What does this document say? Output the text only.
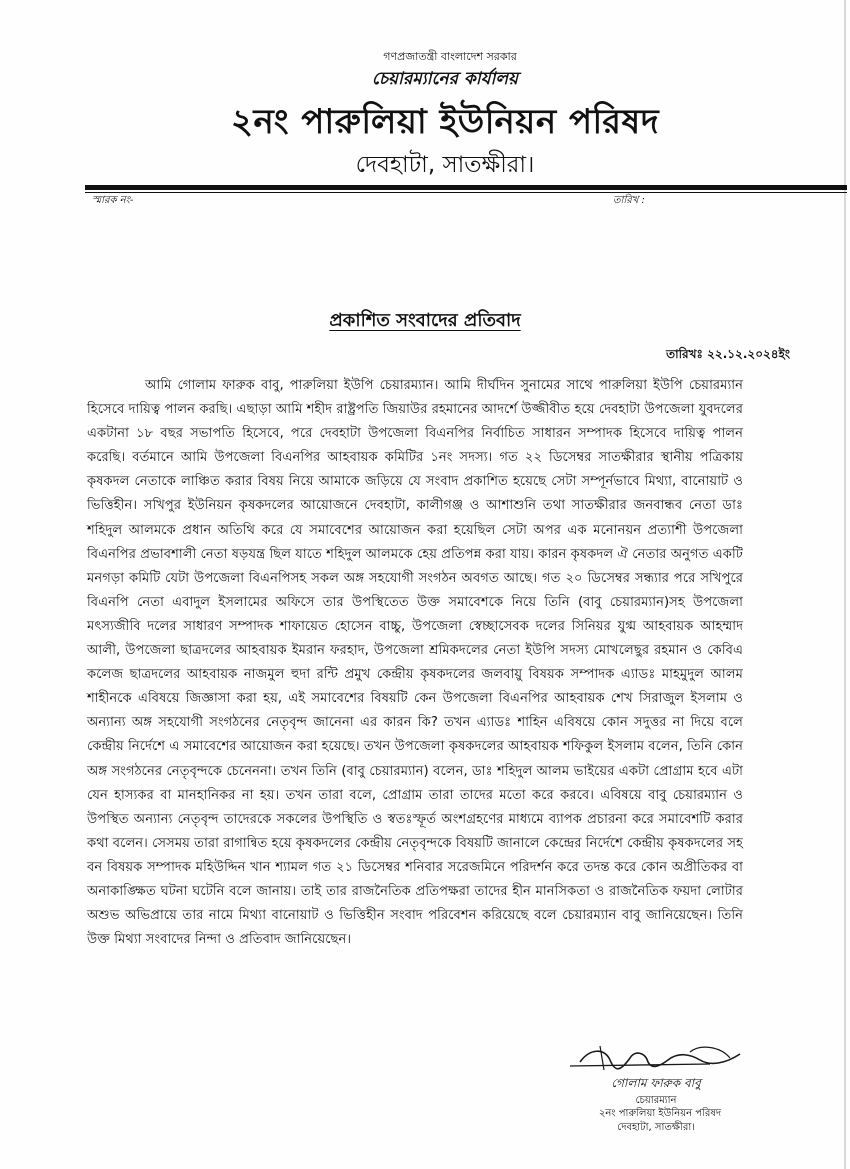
গণপ্রজাতন্ত্রী বাংলাদেশ সরকার
চেয়ারম্যানের কার্যালয়
২নং পারুলিয়া ইউনিয়ন পরিষদ
দেবহাটা, সাতক্ষীরা।
স্মারক নং-	তারিখ :
প্রকাশিত সংবাদের প্রতিবাদ
তারিখঃ ২২.১২.২০২৪ইং

আমি গোলাম ফারুক বাবু, পারুলিয়া ইউপি চেয়ারম্যান। আমি দীর্ঘদিন সুনামের সাথে পারুলিয়া ইউপি চেয়ারম্যান হিসেবে দায়িত্ব পালন করছি। এছাড়া আমি শহীদ রাষ্ট্রপতি জিয়াউর রহমানের আদর্শে উজ্জীবীত হয়ে দেবহাটা উপজেলা যুবদলের একটানা ১৮ বছর সভাপতি হিসেবে, পরে দেবহাটা উপজেলা বিএনপির নির্বাচিত সাধারন সম্পাদক হিসেবে দায়িত্ব পালন করেছি। বর্তমানে আমি উপজেলা বিএনপির আহবায়ক কমিটির ১নং সদস্য। গত ২২ ডিসেম্বর সাতক্ষীরার স্থানীয় পত্রিকায় কৃষকদল নেতাকে লাঞ্চিত করার বিষয় নিয়ে আমাকে জড়িয়ে যে সংবাদ প্রকাশিত হয়েছে সেটা সম্পূর্নভাবে মিথ্যা, বানোয়াট ও ভিত্তিহীন। সখিপুর ইউনিয়ন কৃষকদলের আয়োজনে দেবহাটা, কালীগঞ্জ ও আশাশুনি তথা সাতক্ষীরার জনবান্ধব নেতা ডাঃ শহিদুল আলমকে প্রধান অতিথি করে যে সমাবেশের আয়োজন করা হয়েছিল সেটা অপর এক মনোনয়ন প্রত্যাশী উপজেলা বিএনপির প্রভাবশালী নেতা ষড়যন্ত্র ছিল যাতে শহিদুল আলমকে হেয় প্রতিপন্ন করা যায়। কারন কৃষকদল ঐ নেতার অনুগত একটি মনগড়া কমিটি যেটা উপজেলা বিএনপিসহ সকল অঙ্গ সহযোগী সংগঠন অবগত আছে। গত ২০ ডিসেম্বর সন্ধ্যার পরে সখিপুরে বিএনপি নেতা এবাদুল ইসলামের অফিসে তার উপস্থিতেত উক্ত সমাবেশকে নিয়ে তিনি (বাবু চেয়ারম্যান)সহ উপজেলা মৎস্যজীবি দলের সাধারণ সম্পাদক শাফায়েত হোসেন বাচ্চু, উপজেলা স্বেচ্ছাসেবক দলের সিনিয়র যুগ্ম আহবায়ক আহম্মাদ আলী, উপজেলা ছাত্রদলের আহবায়ক ইমরান ফরহাদ, উপজেলা শ্রমিকদলের নেতা ইউপি সদস্য মোখলেছুর রহমান ও কেবিএ কলেজ ছাত্রদলের আহবায়ক নাজমুল হুদা রন্টি প্রমুখ কেন্দ্রীয় কৃষকদলের জলবায়ু বিষয়ক সম্পাদক এ্যাডঃ মাহমুদুল আলম শাহীনকে এবিষয়ে জিজ্ঞাসা করা হয়, এই সমাবেশের বিষয়টি কেন উপজেলা বিএনপির আহবায়ক শেখ সিরাজুল ইসলাম ও অন্যান্য অঙ্গ সহযোগী সংগঠনের নেতৃবৃন্দ জানেনা এর কারন কি? তখন এ্যাডঃ শাহিন এবিষয়ে কোন সদুত্তর না দিয়ে বলে কেন্দ্রীয় নির্দেশে এ সমাবেশের আয়োজন করা হয়েছে। তখন উপজেলা কৃষকদলের আহবায়ক শফিকুল ইসলাম বলেন, তিনি কোন অঙ্গ সংগঠনের নেতৃবৃন্দকে চেনেননা। তখন তিনি (বাবু চেয়ারম্যান) বলেন, ডাঃ শহিদুল আলম ভাইয়ের একটা প্রোগ্রাম হবে এটা যেন হাস্যকর বা মানহানিকর না হয়। তখন তারা বলে, প্রোগ্রাম তারা তাদের মতো করে করবে। এবিষয়ে বাবু চেয়ারম্যান ও উপস্থিত অন্যান্য নেতৃবৃন্দ তাদেরকে সকলের উপস্থিতি ও স্বতঃস্ফূর্ত অংশগ্রহণের মাধ্যমে ব্যাপক প্রচারনা করে সমাবেশটি করার কথা বলেন। সেসময় তারা রাগান্বিত হয়ে কৃষকদলের কেন্দ্রীয় নেতৃবৃন্দকে বিষয়টি জানালে কেন্দ্রের নির্দেশে কেন্দ্রীয় কৃষকদলের সহ বন বিষয়ক সম্পাদক মহিউদ্দিন খান শ্যামল গত ২১ ডিসেম্বর শনিবার সরেজমিনে পরিদর্শন করে তদন্ত করে কোন অপ্রীতিকর বা অনাকাঙ্ক্ষিত ঘটনা ঘটেনি বলে জানায়। তাই তার রাজনৈতিক প্রতিপক্ষরা তাদের হীন মানসিকতা ও রাজনৈতিক ফয়দা লোটার অশুভ অভিপ্রায়ে তার নামে মিথ্যা বানোয়াট ও ভিত্তিহীন সংবাদ পরিবেশন করিয়েছে বলে চেয়ারম্যান বাবু জানিয়েছেন। তিনি উক্ত মিথ্যা সংবাদের নিন্দা ও প্রতিবাদ জানিয়েছেন।

গোলাম ফারুক বাবু
চেয়ারম্যান
২নং পারুলিয়া ইউনিয়ন পরিষদ
দেবহাটা, সাতক্ষীরা।
